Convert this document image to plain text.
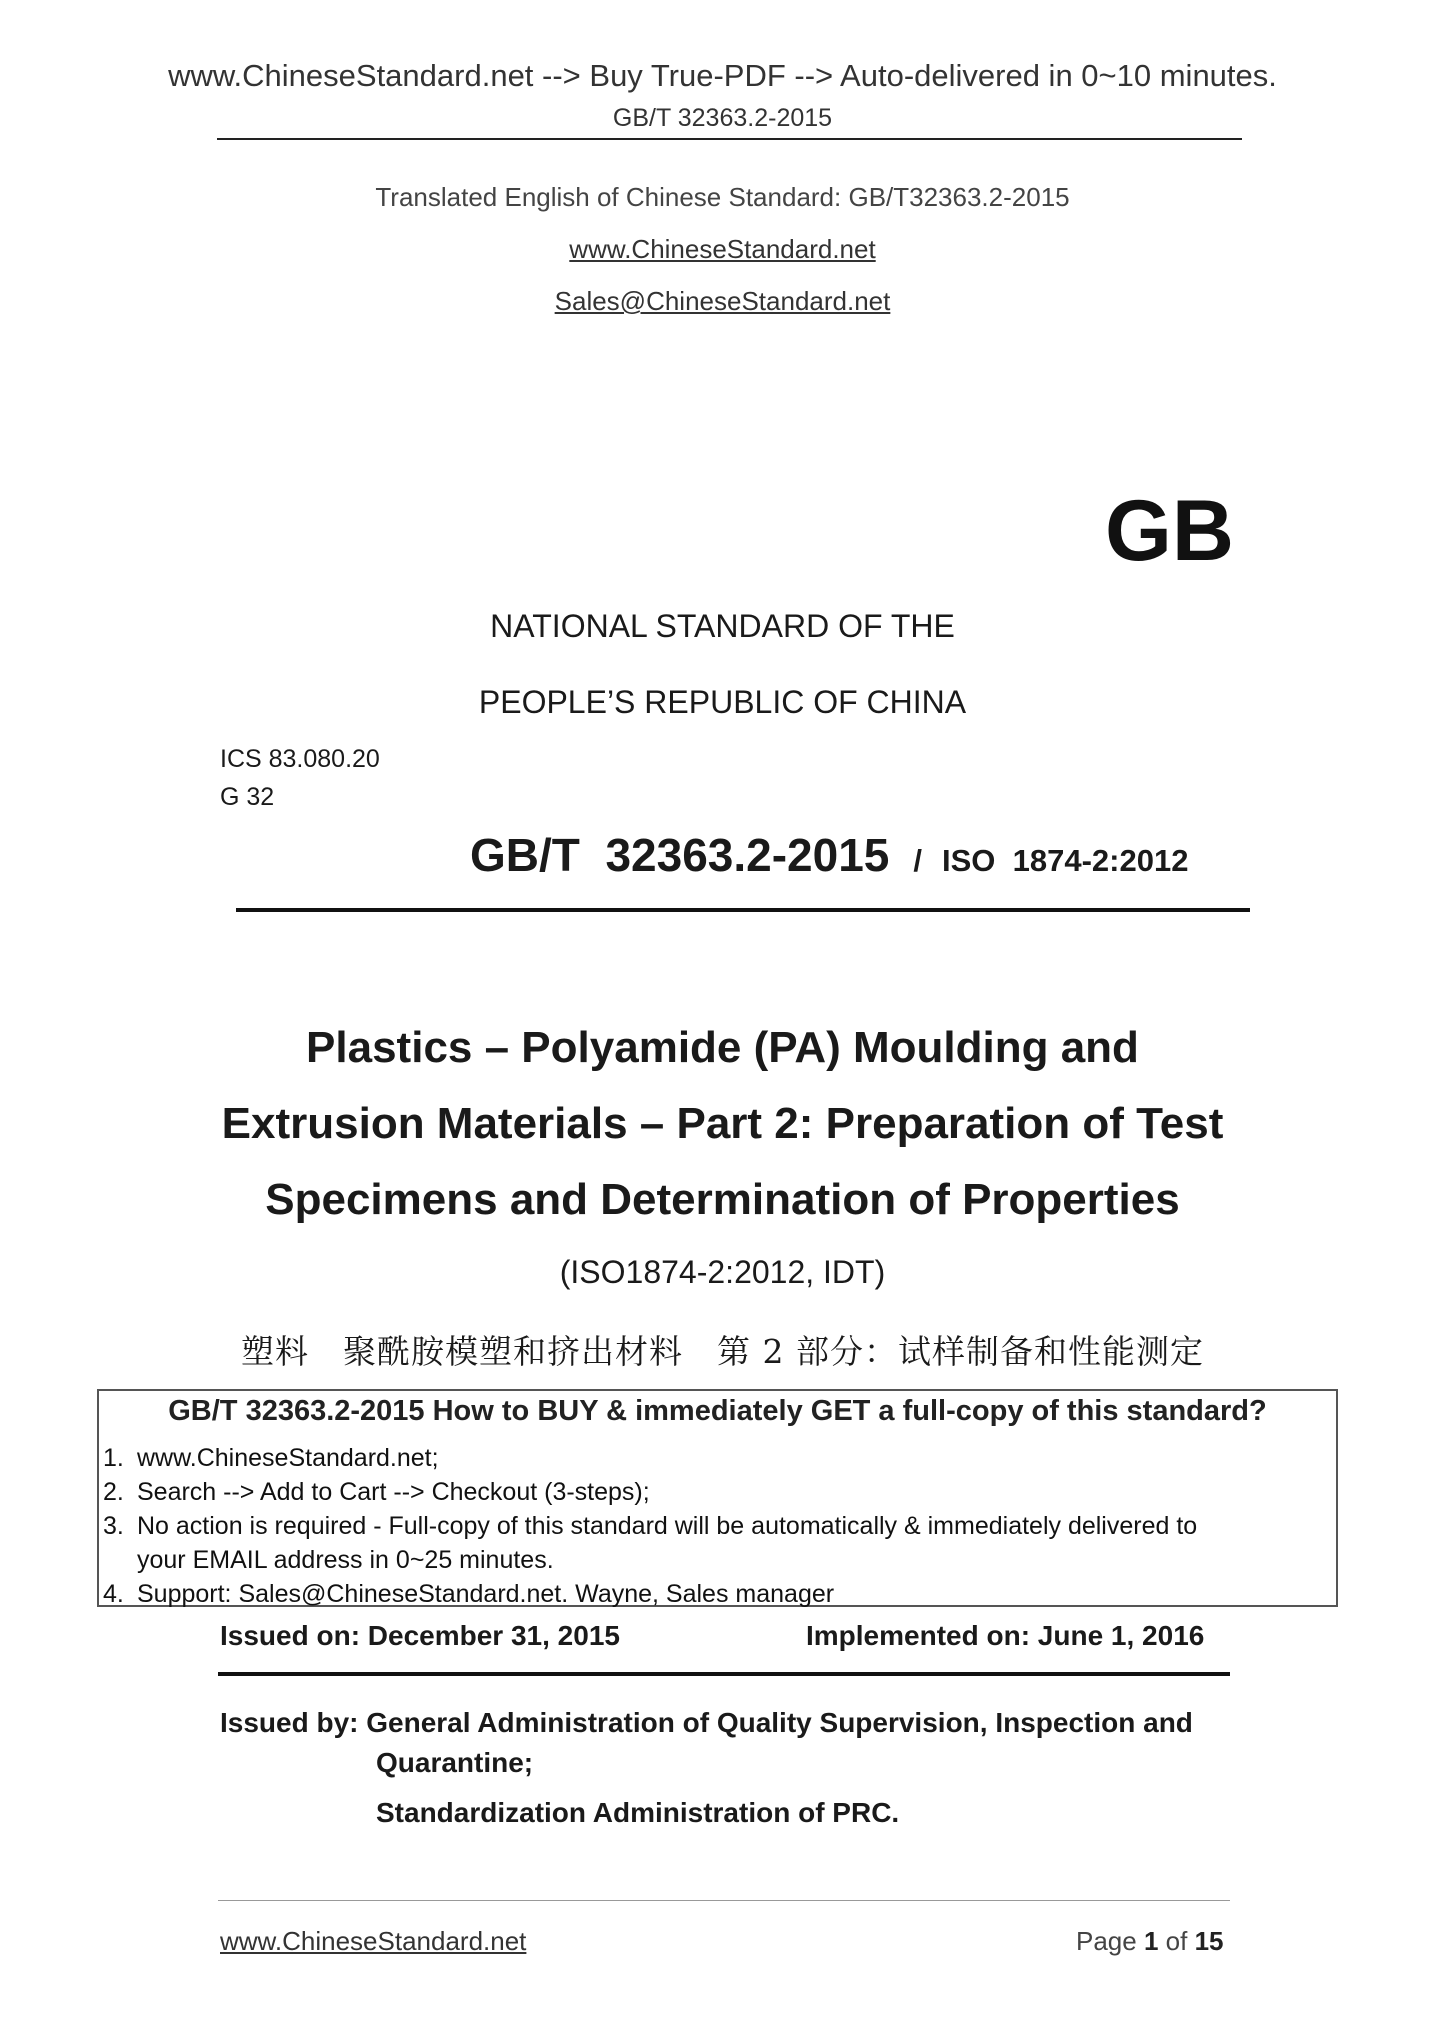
www.ChineseStandard.net --> Buy True-PDF --> Auto-delivered in 0~10 minutes.
GB/T 32363.2-2015
Translated English of Chinese Standard: GB/T32363.2-2015
www.ChineseStandard.net
Sales@ChineseStandard.net
GB
NATIONAL STANDARD OF THE
PEOPLE’S REPUBLIC OF CHINA
ICS 83.080.20
G 32
GB/T  32363.2-2015 / ISO  1874-2:2012
Plastics – Polyamide (PA) Moulding and
Extrusion Materials – Part 2: Preparation of Test
Specimens and Determination of Properties
(ISO1874-2:2012, IDT)
塑料　聚酰胺模塑和挤出材料　第 2 部分：试样制备和性能测定
GB/T 32363.2-2015 How to BUY & immediately GET a full-copy of this standard?
1. www.ChineseStandard.net;
2. Search --> Add to Cart --> Checkout (3-steps);
3. No action is required - Full-copy of this standard will be automatically & immediately delivered to
your EMAIL address in 0~25 minutes.
4. Support: Sales@ChineseStandard.net. Wayne, Sales manager
Issued on: December 31, 2015	Implemented on: June 1, 2016
Issued by: General Administration of Quality Supervision, Inspection and
Quarantine;
Standardization Administration of PRC.
www.ChineseStandard.net	Page 1 of 15
